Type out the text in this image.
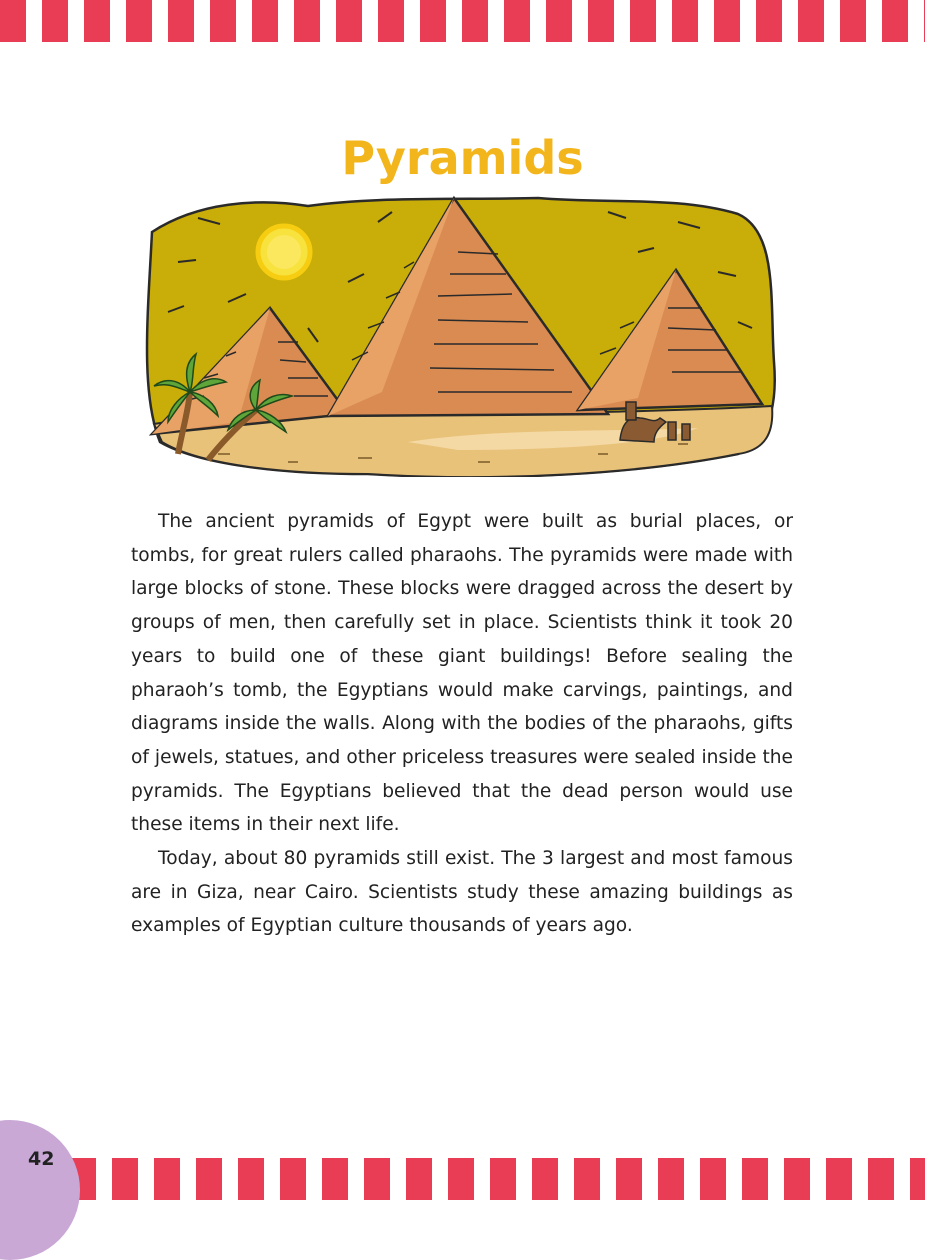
Pyramids

The ancient pyramids of Egypt were built as burial places, or tombs, for great rulers called pharaohs. The pyramids were made with large blocks of stone. These blocks were dragged across the desert by groups of men, then carefully set in place. Scientists think it took 20 years to build one of these giant buildings! Before sealing the pharaoh’s tomb, the Egyptians would make carvings, paintings, and diagrams inside the walls. Along with the bodies of the pharaohs, gifts of jewels, statues, and other priceless treasures were sealed inside the pyramids. The Egyptians believed that the dead person would use these items in their next life.

Today, about 80 pyramids still exist. The 3 largest and most famous are in Giza, near Cairo. Scientists study these amazing buildings as examples of Egyptian culture thousands of years ago.

42
